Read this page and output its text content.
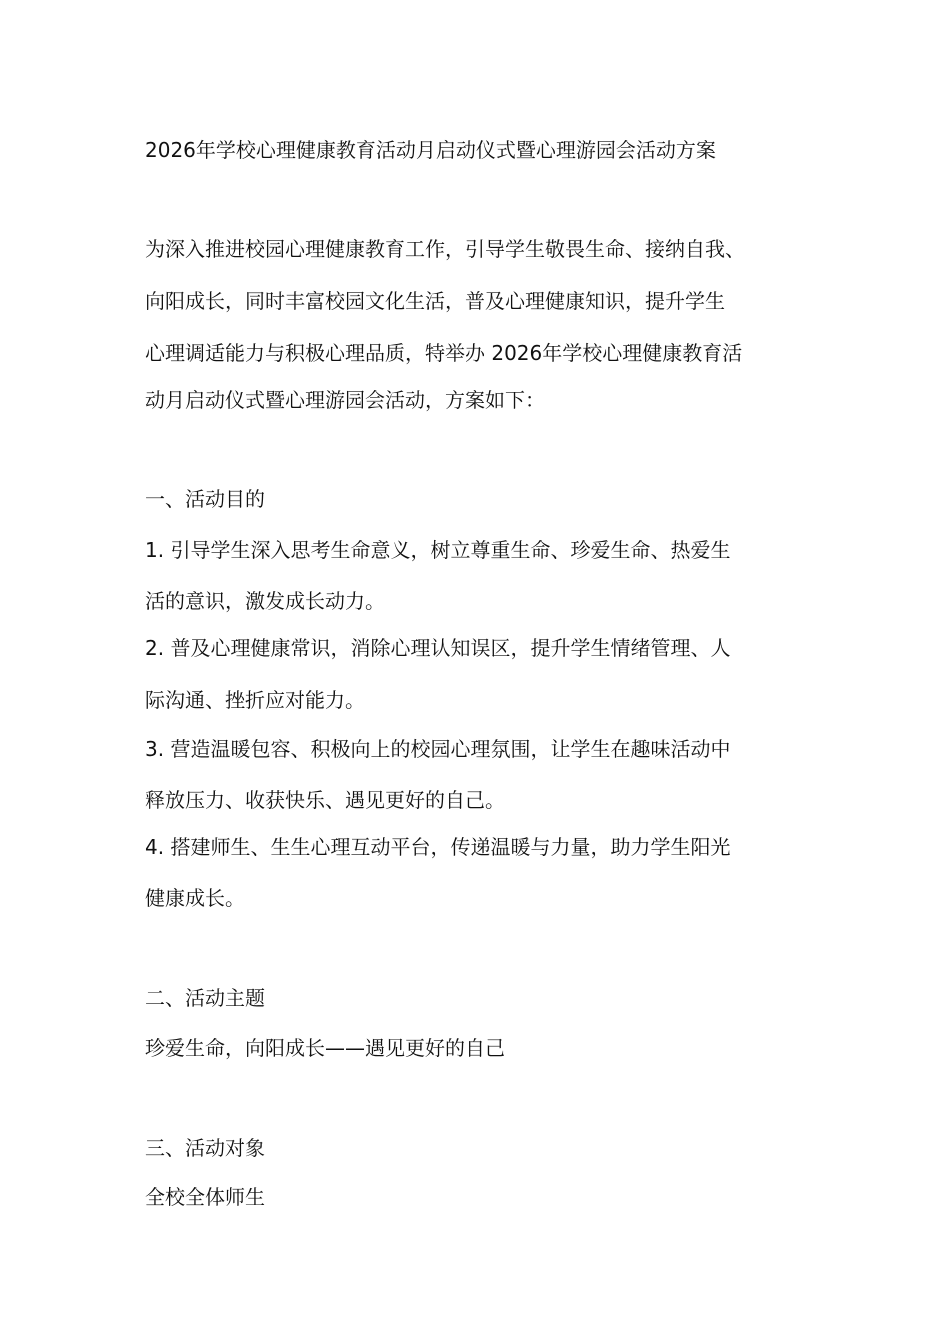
2026年学校心理健康教育活动月启动仪式暨心理游园会活动方案
为深入推进校园心理健康教育工作，引导学生敬畏生命、接纳自我、
向阳成长，同时丰富校园文化生活，普及心理健康知识，提升学生
心理调适能力与积极心理品质，特举办 2026年学校心理健康教育活
动月启动仪式暨心理游园会活动，方案如下：
一、活动目的
1. 引导学生深入思考生命意义，树立尊重生命、珍爱生命、热爱生
活的意识，激发成长动力。
2. 普及心理健康常识，消除心理认知误区，提升学生情绪管理、人
际沟通、挫折应对能力。
3. 营造温暖包容、积极向上的校园心理氛围，让学生在趣味活动中
释放压力、收获快乐、遇见更好的自己。
4. 搭建师生、生生心理互动平台，传递温暖与力量，助力学生阳光
健康成长。
二、活动主题
珍爱生命，向阳成长——遇见更好的自己
三、活动对象
全校全体师生
